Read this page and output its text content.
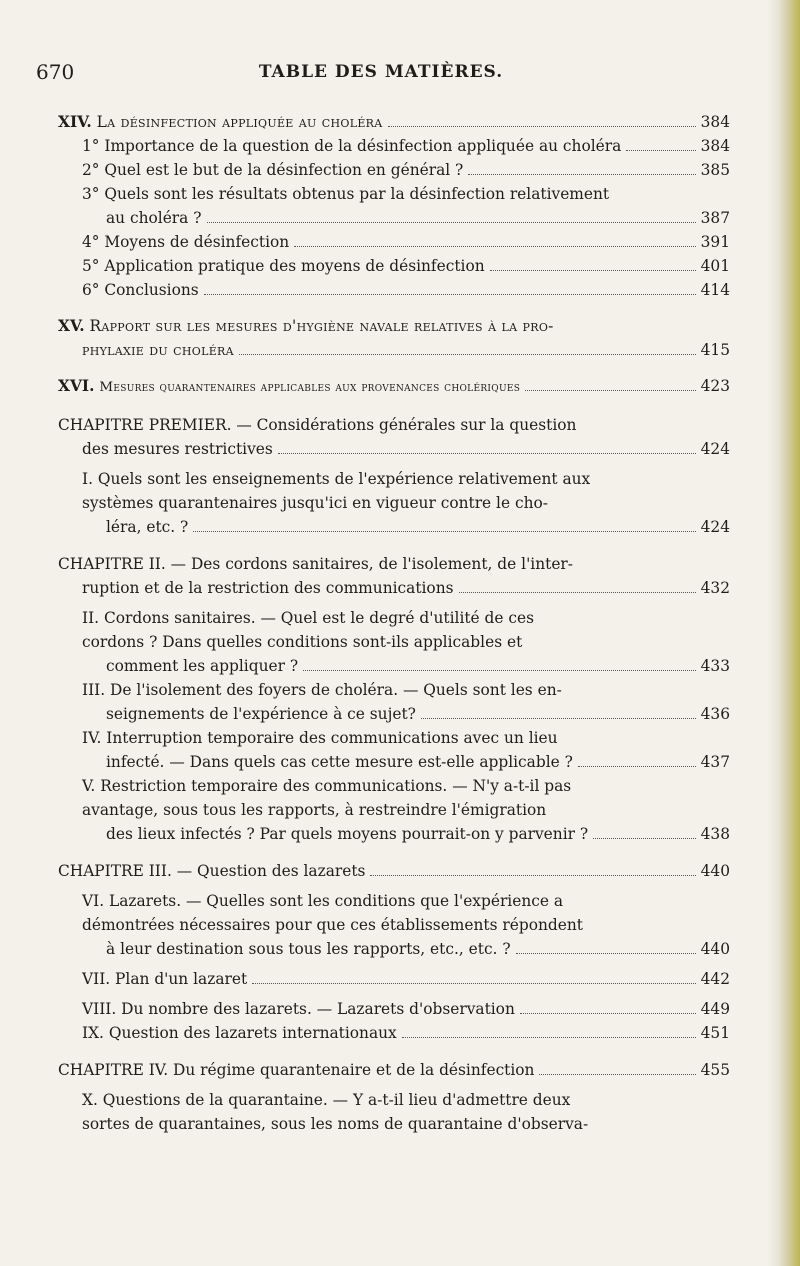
670	TABLE DES MATIÈRES.
XIV. La désinfection appliquée au choléra	384
1° Importance de la question de la désinfection appliquée au choléra	384
2° Quel est le but de la désinfection en général ?	385
3° Quels sont les résultats obtenus par la désinfection relativement
au choléra ?	387
4° Moyens de désinfection	391
5° Application pratique des moyens de désinfection	401
6° Conclusions	414
XV. Rapport sur les mesures d'hygiène navale relatives à la pro-
phylaxie du choléra	415
XVI. Mesures quarantenaires applicables aux provenances cholériques	423
CHAPITRE PREMIER. — Considérations générales sur la question
des mesures restrictives	424
I. Quels sont les enseignements de l'expérience relativement aux
systèmes quarantenaires jusqu'ici en vigueur contre le cho-
léra, etc. ?	424
CHAPITRE II. — Des cordons sanitaires, de l'isolement, de l'inter-
ruption et de la restriction des communications	432
II. Cordons sanitaires. — Quel est le degré d'utilité de ces
cordons ? Dans quelles conditions sont-ils applicables et
comment les appliquer ?	433
III. De l'isolement des foyers de choléra. — Quels sont les en-
seignements de l'expérience à ce sujet?	436
IV. Interruption temporaire des communications avec un lieu
infecté. — Dans quels cas cette mesure est-elle applicable ?	437
V. Restriction temporaire des communications. — N'y a-t-il pas
avantage, sous tous les rapports, à restreindre l'émigration
des lieux infectés ? Par quels moyens pourrait-on y parvenir ?	438
CHAPITRE III. — Question des lazarets	440
VI. Lazarets. — Quelles sont les conditions que l'expérience a
démontrées nécessaires pour que ces établissements répondent
à leur destination sous tous les rapports, etc., etc. ?	440
VII. Plan d'un lazaret	442
VIII. Du nombre des lazarets. — Lazarets d'observation	449
IX. Question des lazarets internationaux	451
CHAPITRE IV. Du régime quarantenaire et de la désinfection	455
X. Questions de la quarantaine. — Y a-t-il lieu d'admettre deux
sortes de quarantaines, sous les noms de quarantaine d'observa-
